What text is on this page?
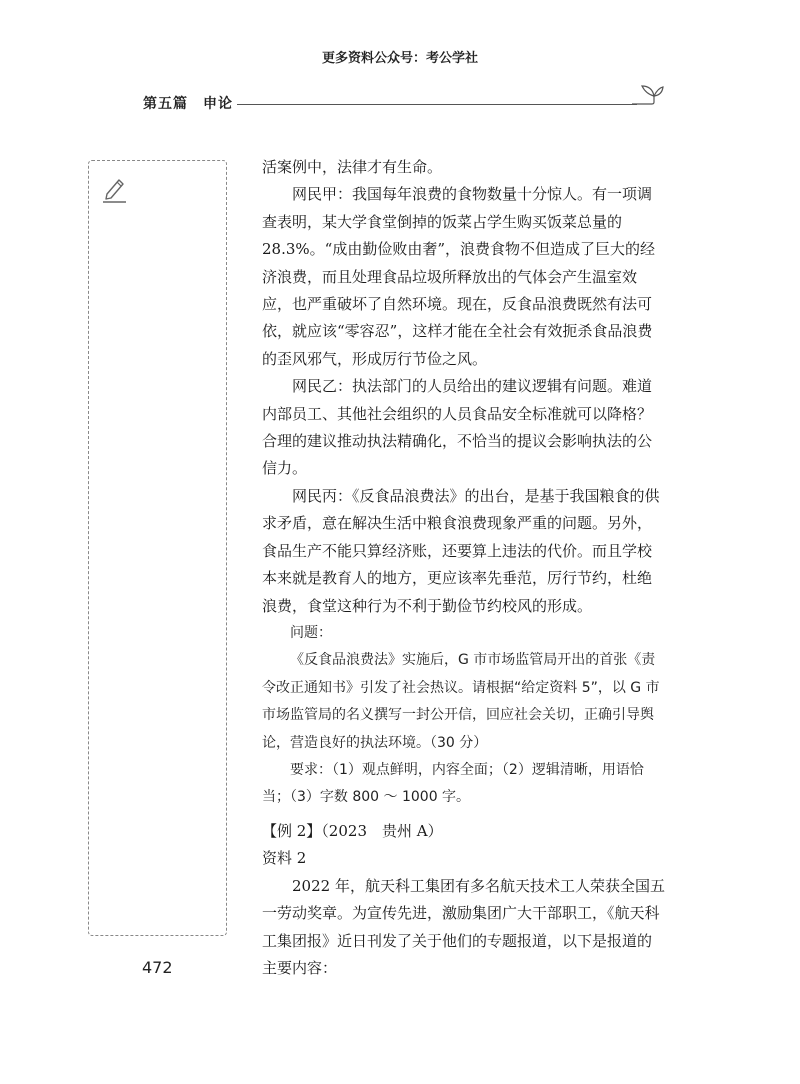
更多资料公众号：考公学社
第五篇　申论

活案例中，法律才有生命。

网民甲：我国每年浪费的食物数量十分惊人。有一项调查表明，某大学食堂倒掉的饭菜占学生购买饭菜总量的 28.3%。“成由勤俭败由奢”，浪费食物不但造成了巨大的经济浪费，而且处理食品垃圾所释放出的气体会产生温室效应，也严重破坏了自然环境。现在，反食品浪费既然有法可依，就应该“零容忍”，这样才能在全社会有效扼杀食品浪费的歪风邪气，形成厉行节俭之风。

网民乙：执法部门的人员给出的建议逻辑有问题。难道内部员工、其他社会组织的人员食品安全标准就可以降格？合理的建议推动执法精确化，不恰当的提议会影响执法的公信力。

网民丙：《反食品浪费法》的出台，是基于我国粮食的供求矛盾，意在解决生活中粮食浪费现象严重的问题。另外，食品生产不能只算经济账，还要算上违法的代价。而且学校本来就是教育人的地方，更应该率先垂范，厉行节约，杜绝浪费，食堂这种行为不利于勤俭节约校风的形成。

问题：

《反食品浪费法》实施后，G 市市场监管局开出的首张《责令改正通知书》引发了社会热议。请根据“给定资料 5”，以 G 市市场监管局的名义撰写一封公开信，回应社会关切，正确引导舆论，营造良好的执法环境。（30 分）

要求：（1）观点鲜明，内容全面；（2）逻辑清晰，用语恰当；（3）字数 800 ～ 1000 字。

【例 2】（2023　贵州 A）

资料 2

2022 年，航天科工集团有多名航天技术工人荣获全国五一劳动奖章。为宣传先进，激励集团广大干部职工，《航天科工集团报》近日刊发了关于他们的专题报道，以下是报道的主要内容：

472
